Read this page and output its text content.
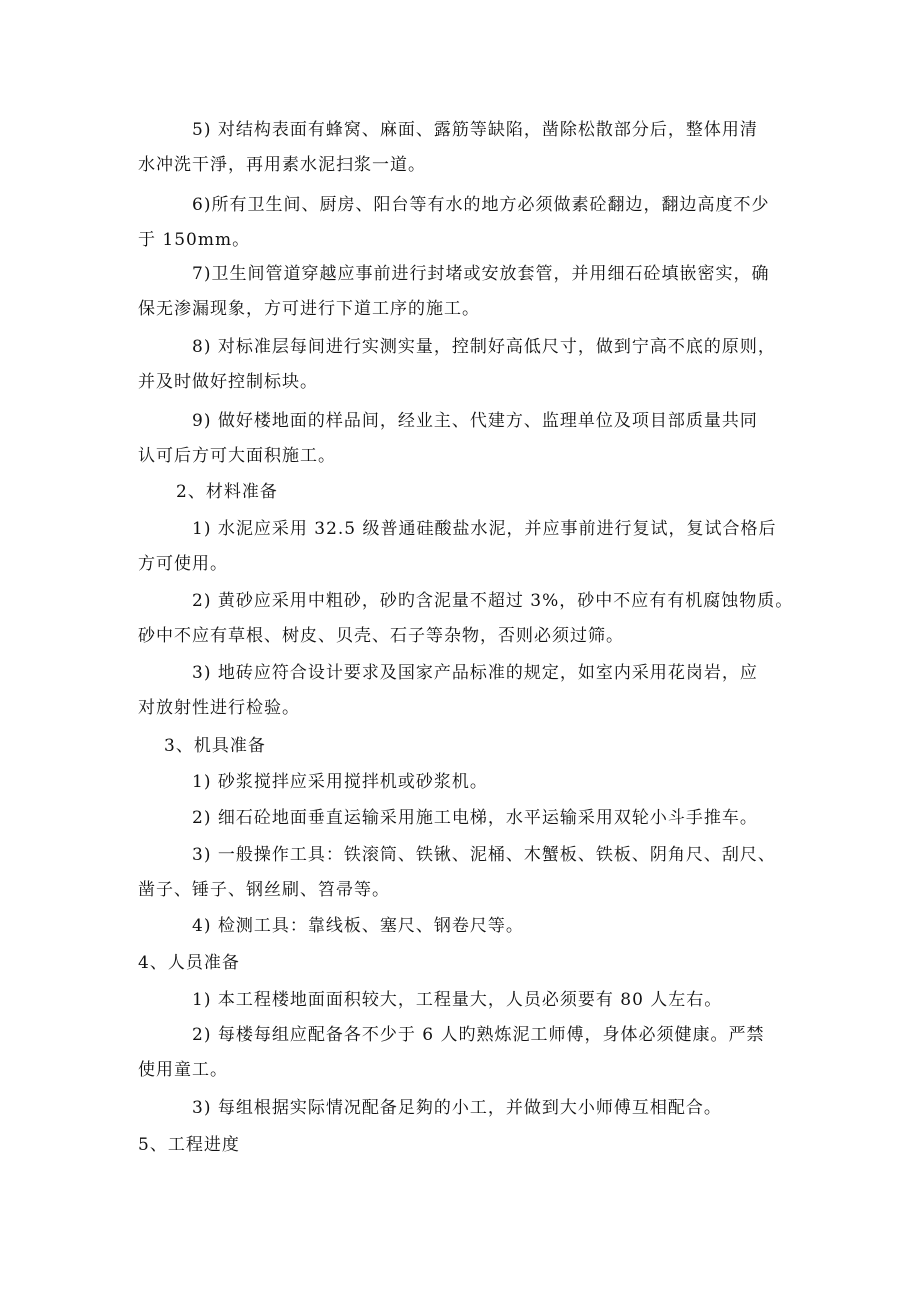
5) 对结构表面有蜂窝、麻面、露筋等缺陷，凿除松散部分后，整体用清
水冲洗干淨，再用素水泥扫浆一道。
6)所有卫生间、厨房、阳台等有水的地方必须做素砼翻边，翻边高度不少
于 150mm。
7)卫生间管道穿越应事前进行封堵或安放套管，并用细石砼填嵌密实，确
保无渗漏现象，方可进行下道工序的施工。
8) 对标准层每间进行实测实量，控制好高低尺寸，做到宁高不底的原则，
并及时做好控制标块。
9) 做好楼地面的样品间，经业主、代建方、监理单位及项目部质量共同
认可后方可大面积施工。
2、材料准备
1) 水泥应采用 32.5 级普通硅酸盐水泥，并应事前进行复试，复试合格后
方可使用。
2) 黄砂应采用中粗砂，砂旳含泥量不超过 3%，砂中不应有有机腐蚀物质。
砂中不应有草根、树皮、贝壳、石子等杂物，否则必须过筛。
3) 地砖应符合设计要求及国家产品标准的规定，如室内采用花岗岩，应
对放射性进行检验。
3、机具准备
1) 砂浆搅拌应采用搅拌机或砂浆机。
2) 细石砼地面垂直运输采用施工电梯，水平运输采用双轮小斗手推车。
3) 一般操作工具：铁滚筒、铁锹、泥桶、木蟹板、铁板、阴角尺、刮尺、
凿子、锤子、钢丝刷、笤帚等。
4) 检测工具：靠线板、塞尺、钢卷尺等。
4、人员准备
1) 本工程楼地面面积较大，工程量大，人员必须要有 80 人左右。
2) 每楼每组应配备各不少于 6 人旳熟炼泥工师傅，身体必须健康。严禁
使用童工。
3) 每组根据实际情况配备足夠的小工，并做到大小师傅互相配合。
5、工程进度
